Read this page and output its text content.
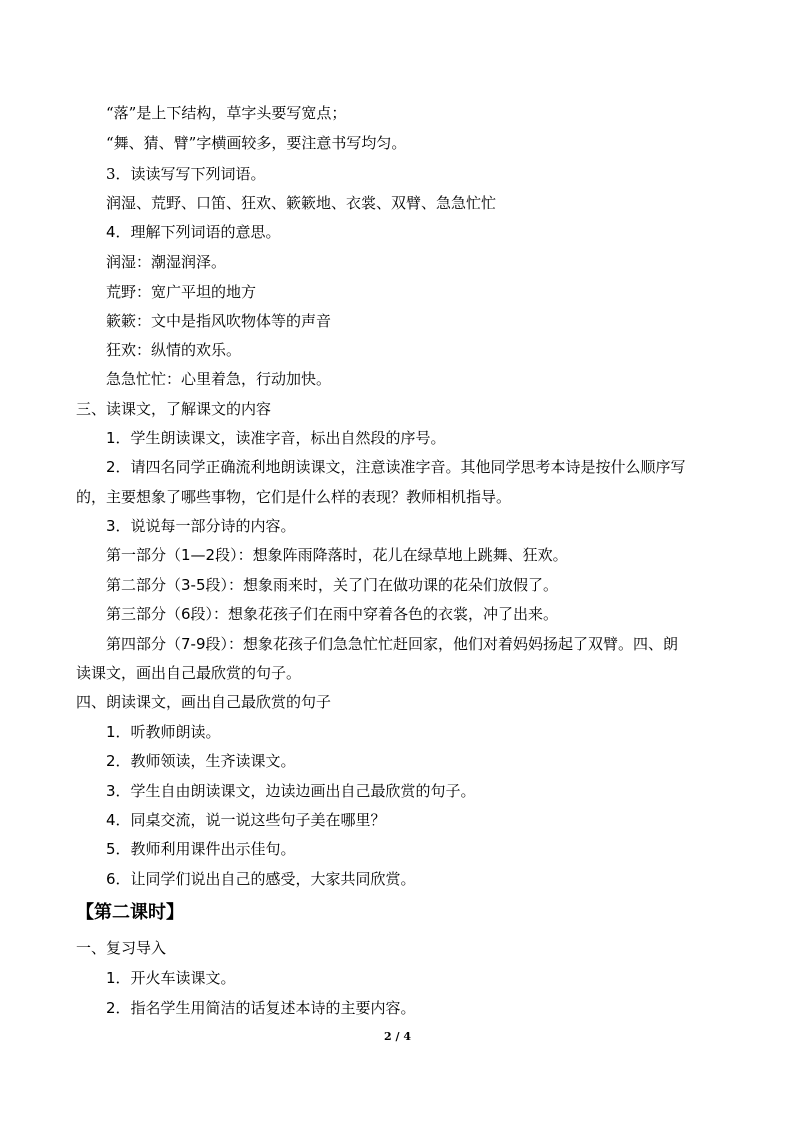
“落”是上下结构，草字头要写宽点；
“舞、猜、臂”字横画较多，要注意书写均匀。
3．读读写写下列词语。
润湿、荒野、口笛、狂欢、簌簌地、衣裳、双臂、急急忙忙
4．理解下列词语的意思。
润湿：潮湿润泽。
荒野：宽广平坦的地方
簌簌：文中是指风吹物体等的声音
狂欢：纵情的欢乐。
急急忙忙：心里着急，行动加快。
三、读课文，了解课文的内容
1．学生朗读课文，读准字音，标出自然段的序号。
2．请四名同学正确流利地朗读课文，注意读准字音。其他同学思考本诗是按什么顺序写
的，主要想象了哪些事物，它们是什么样的表现？教师相机指导。
3．说说每一部分诗的内容。
第一部分（1—2段）：想象阵雨降落时，花儿在绿草地上跳舞、狂欢。
第二部分（3-5段）：想象雨来时，关了门在做功课的花朵们放假了。
第三部分（6段）：想象花孩子们在雨中穿着各色的衣裳，冲了出来。
第四部分（7-9段）：想象花孩子们急急忙忙赶回家，他们对着妈妈扬起了双臂。四、朗
读课文，画出自己最欣赏的句子。
四、朗读课文，画出自己最欣赏的句子
1．听教师朗读。
2．教师领读，生齐读课文。
3．学生自由朗读课文，边读边画出自己最欣赏的句子。
4．同桌交流，说一说这些句子美在哪里？
5．教师利用课件出示佳句。
6．让同学们说出自己的感受，大家共同欣赏。
【第二课时】
一、复习导入
1．开火车读课文。
2．指名学生用简洁的话复述本诗的主要内容。
2 / 4
